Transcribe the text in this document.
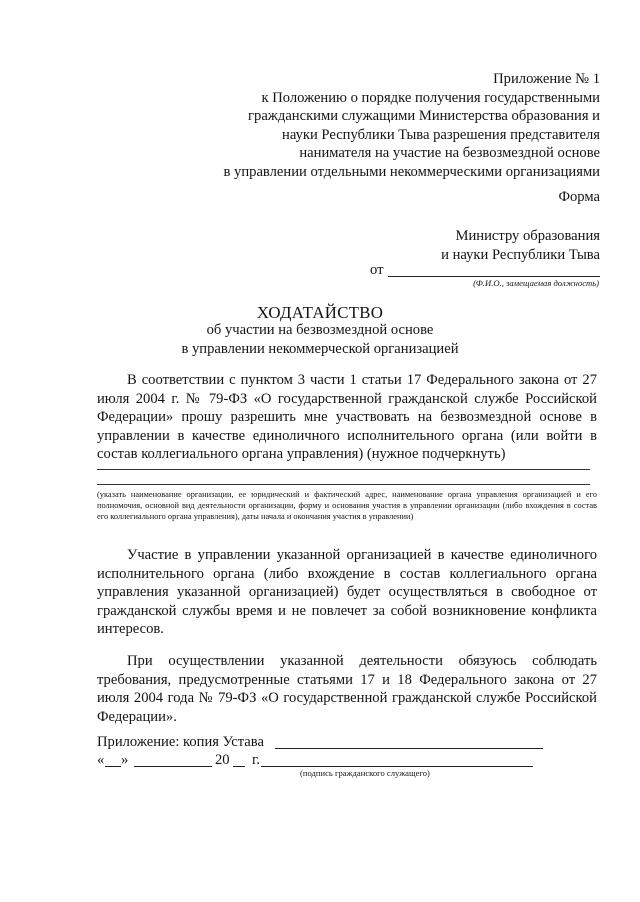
Приложение № 1
к Положению о порядке получения государственными
гражданскими служащими Министерства образования и
науки Республики Тыва разрешения представителя
нанимателя на участие на безвозмездной основе
в управлении отдельными некоммерческими организациями
Форма
Министру образования
и науки Республики Тыва
от
(Ф.И.О., замещаемая должность)
ХОДАТАЙСТВО
об участии на безвозмездной основе
в управлении некоммерческой организацией
В соответствии с пунктом 3 части 1 статьи 17 Федерального закона от 27 июля 2004 г. № 79-ФЗ «О государственной гражданской службе Российской Федерации» прошу разрешить мне участвовать на безвозмездной основе в управлении в качестве единоличного исполнительного органа (или войти в состав коллегиального органа управления) (нужное подчеркнуть)
(указать наименование организации, ее юридический и фактический адрес, наименование органа управления организацией и его полномочия, основной вид деятельности организации, форму и основания участия в управлении организации (либо вхождения в состав его коллегиального органа управления), даты начала и окончания участия в управлении)
Участие в управлении указанной организацией в качестве единоличного исполнительного органа (либо вхождение в состав коллегиального органа управления указанной организацией) будет осуществляться в свободное от гражданской службы время и не повлечет за собой возникновение конфликта интересов.
При осуществлении указанной деятельности обязуюсь соблюдать требования, предусмотренные статьями 17 и 18 Федерального закона от 27 июля 2004 года № 79-ФЗ «О государственной гражданской службе Российской Федерации».
Приложение: копия Устава
« »	20 г.
(подпись гражданского служащего)
